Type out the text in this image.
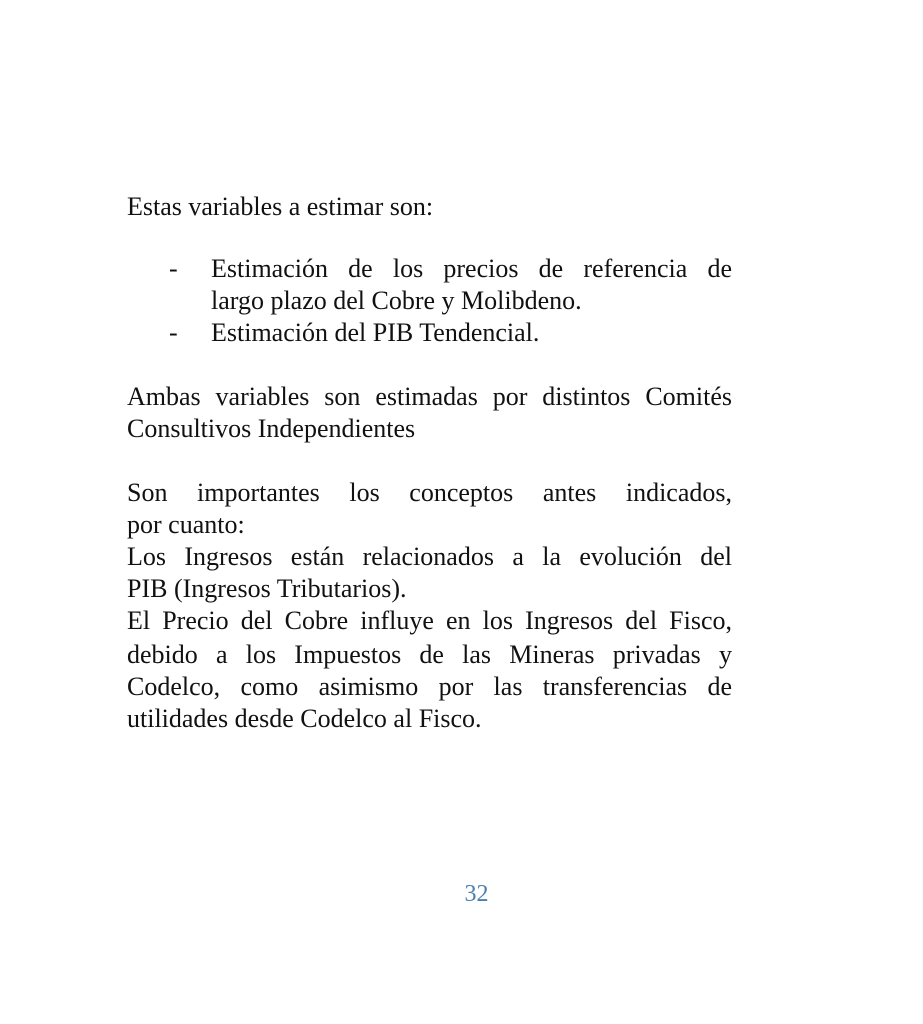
Estas variables a estimar son:
- Estimación de los precios de referencia de
largo plazo del Cobre y Molibdeno.
- Estimación del PIB Tendencial.
Ambas variables son estimadas por distintos Comités
Consultivos Independientes
Son importantes los conceptos antes indicados,
por cuanto:
Los Ingresos están relacionados a la evolución del
PIB (Ingresos Tributarios).
El Precio del Cobre influye en los Ingresos del Fisco,
debido a los Impuestos de las Mineras privadas y
Codelco, como asimismo por las transferencias de
utilidades desde Codelco al Fisco.
32
